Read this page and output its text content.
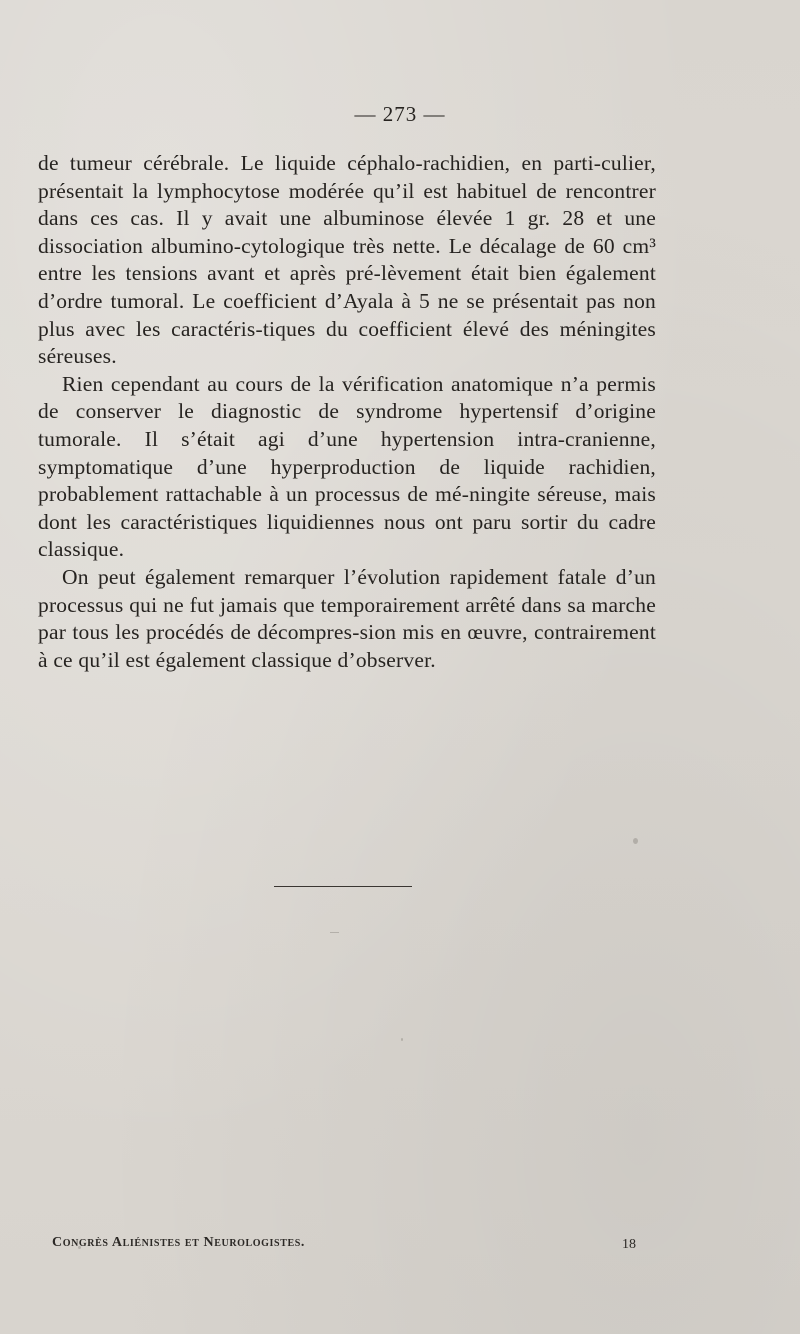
— 273 —

de tumeur cérébrale. Le liquide céphalo-rachidien, en parti-culier, présentait la lymphocytose modérée qu’il est habituel de rencontrer dans ces cas. Il y avait une albuminose élevée 1 gr. 28 et une dissociation albumino-cytologique très nette. Le décalage de 60 cm³ entre les tensions avant et après pré-lèvement était bien également d’ordre tumoral. Le coefficient d’Ayala à 5 ne se présentait pas non plus avec les caractéris-tiques du coefficient élevé des méningites séreuses.

Rien cependant au cours de la vérification anatomique n’a permis de conserver le diagnostic de syndrome hypertensif d’origine tumorale. Il s’était agi d’une hypertension intra-cranienne, symptomatique d’une hyperproduction de liquide rachidien, probablement rattachable à un processus de mé-ningite séreuse, mais dont les caractéristiques liquidiennes nous ont paru sortir du cadre classique.

On peut également remarquer l’évolution rapidement fatale d’un processus qui ne fut jamais que temporairement arrêté dans sa marche par tous les procédés de décompres-sion mis en œuvre, contrairement à ce qu’il est également classique d’observer.

Congrès Aliénistes et Neurologistes.	18
